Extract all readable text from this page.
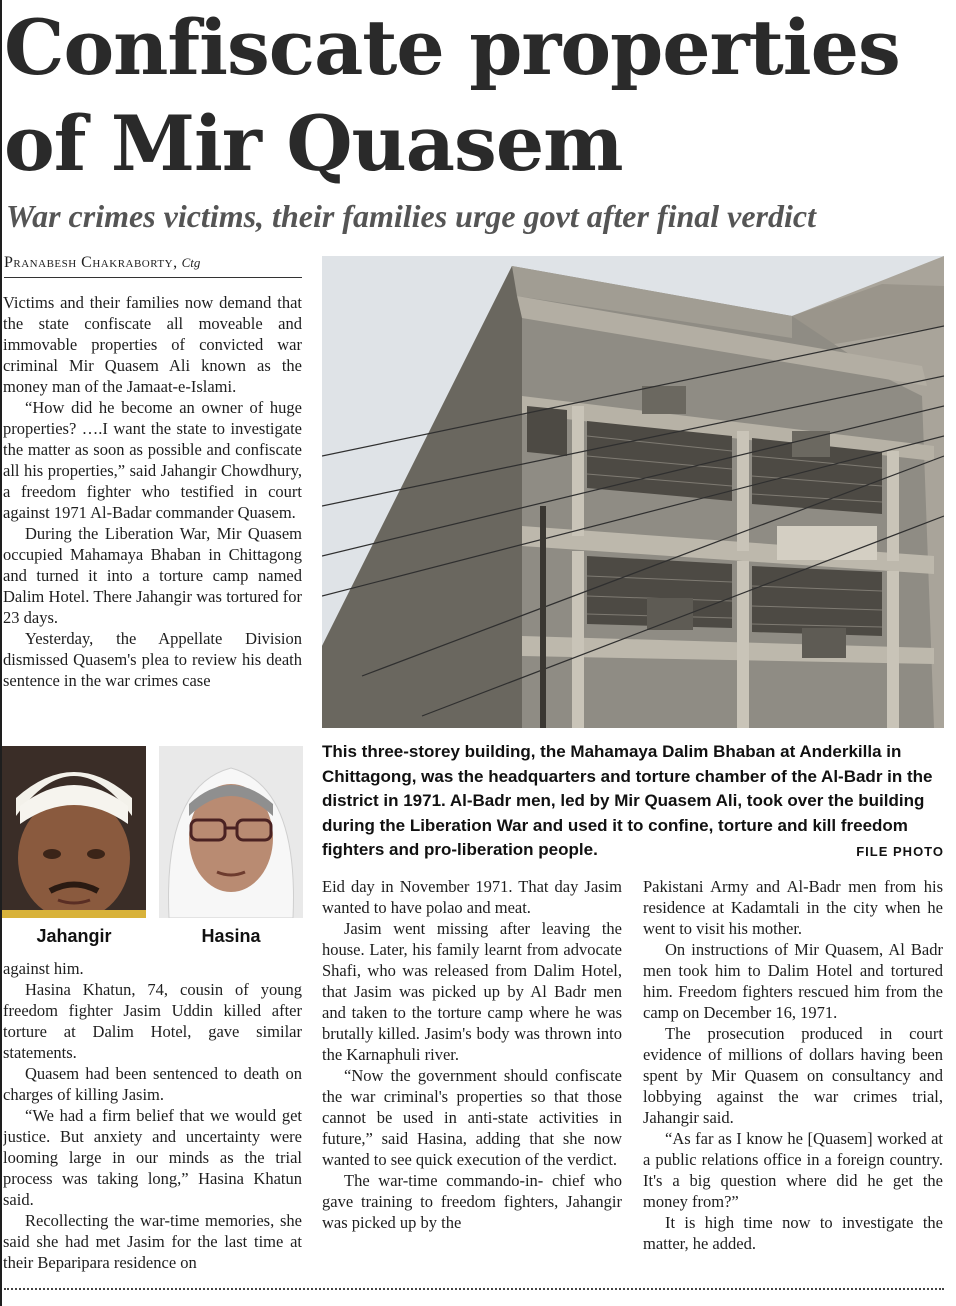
Confiscate properties of Mir Quasem
War crimes victims, their families urge govt after final verdict
Pranabesh Chakraborty, Ctg

Victims and their families now demand that the state confiscate all moveable and immovable properties of convicted war criminal Mir Quasem Ali known as the money man of the Jamaat-e-Islami.

“How did he become an owner of huge properties? ….I want the state to investigate the matter as soon as possible and confiscate all his properties,” said Jahangir Chowdhury, a freedom fighter who testified in court against 1971 Al-Badar commander Quasem.

During the Liberation War, Mir Quasem occupied Mahamaya Bhaban in Chittagong and turned it into a torture camp named Dalim Hotel. There Jahangir was tortured for 23 days.

Yesterday, the Appellate Division dismissed Quasem's plea to review his death sentence in the war crimes case

This three-storey building, the Mahamaya Dalim Bhaban at Anderkilla in Chittagong, was the headquarters and torture chamber of the Al-Badr in the district in 1971. Al-Badr men, led by Mir Quasem Ali, took over the building during the Liberation War and used it to confine, torture and kill freedom fighters and pro-liberation people.	FILE PHOTO
Jahangir	Hasina

against him.

Hasina Khatun, 74, cousin of young freedom fighter Jasim Uddin killed after torture at Dalim Hotel, gave similar statements.

Quasem had been sentenced to death on charges of killing Jasim.

“We had a firm belief that we would get justice. But anxiety and uncertainty were looming large in our minds as the trial process was taking long,” Hasina Khatun said.

Recollecting the war-time memories, she said she had met Jasim for the last time at their Beparipara residence on

Eid day in November 1971. That day Jasim wanted to have polao and meat.

Jasim went missing after leaving the house. Later, his family learnt from advocate Shafi, who was released from Dalim Hotel, that Jasim was picked up by Al Badr men and taken to the torture camp where he was brutally killed. Jasim's body was thrown into the Karnaphuli river.

“Now the government should confiscate the war criminal's properties so that those cannot be used in anti-state activities in future,” said Hasina, adding that she now wanted to see quick execution of the verdict.

The war-time commando-in- chief who gave training to freedom fighters, Jahangir was picked up by the

Pakistani Army and Al-Badr men from his residence at Kadamtali in the city when he went to visit his mother.

On instructions of Mir Quasem, Al Badr men took him to Dalim Hotel and tortured him. Freedom fighters rescued him from the camp on December 16, 1971.

The prosecution produced in court evidence of millions of dollars having been spent by Mir Quasem on consultancy and lobbying against the war crimes trial, Jahangir said.

“As far as I know he [Quasem] worked at a public relations office in a foreign country. It's a big question where did he get the money from?”

It is high time now to investigate the matter, he added.
